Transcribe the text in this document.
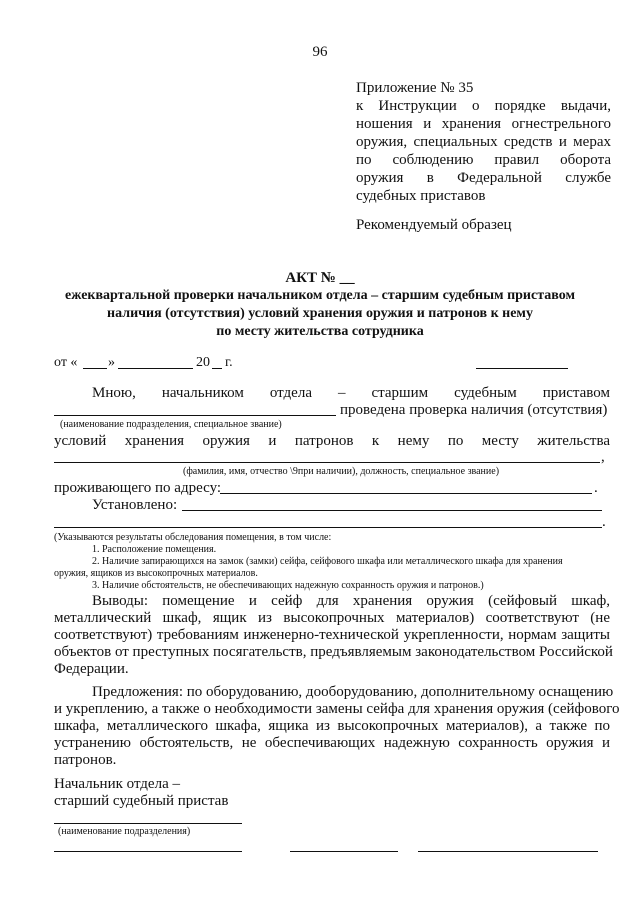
96
Приложение № 35
к Инструкции о порядке выдачи,
ношения и хранения огнестрельного
оружия, специальных средств и мерах
по соблюдению правил оборота
оружия в Федеральной службе
судебных приставов
Рекомендуемый образец
АКТ № __
ежеквартальной проверки начальником отдела – старшим судебным приставом
наличия (отсутствия) условий хранения оружия и патронов к нему
по месту жительства сотрудника
от « »	20 г.
Мною, начальником отдела – старшим судебным приставом
проведена проверка наличия (отсутствия)
(наименование подразделения, специальное звание)
условий хранения оружия и патронов к нему по месту жительства
,
(фамилия, имя, отчество \9при наличии), должность, специальное звание)
проживающего по адресу:	.
Установлено:
.
(Указываются результаты обследования помещения, в том числе:
1. Расположение помещения.
2. Наличие запирающихся на замок (замки) сейфа, сейфового шкафа или металлического шкафа для хранения
оружия, ящиков из высокопрочных материалов.
3. Наличие обстоятельств, не обеспечивающих надежную сохранность оружия и патронов.)
Выводы: помещение и сейф для хранения оружия (сейфовый шкаф,
металлический шкаф, ящик из высокопрочных материалов) соответствуют (не
соответствуют) требованиям инженерно-технической укрепленности, нормам защиты
объектов от преступных посягательств, предъявляемым законодательством Российской
Федерации.
Предложения: по оборудованию, дооборудованию, дополнительному оснащению
и укреплению, а также о необходимости замены сейфа для хранения оружия (сейфового
шкафа, металлического шкафа, ящика из высокопрочных материалов), а также по
устранению обстоятельств, не обеспечивающих надежную сохранность оружия и
патронов.
Начальник отдела –
старший судебный пристав
(наименование подразделения)
